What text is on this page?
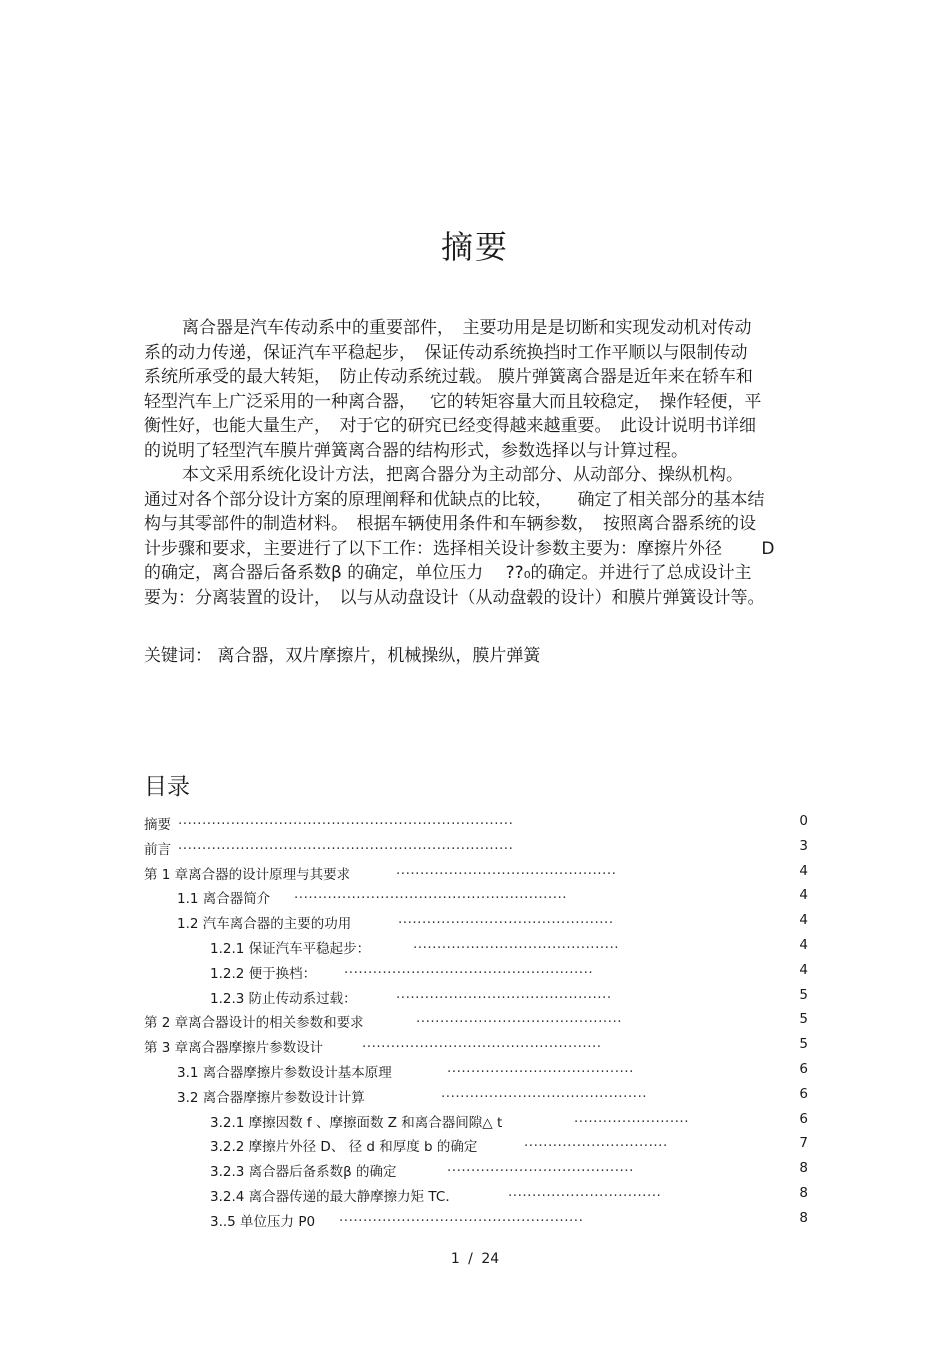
摘要
离合器是汽车传动系中的重要部件，　主要功用是是切断和实现发动机对传动
系的动力传递，保证汽车平稳起步，　保证传动系统换挡时工作平顺以与限制传动
系统所承受的最大转矩，　防止传动系统过载。 膜片弹簧离合器是近年来在轿车和
轻型汽车上广泛采用的一种离合器，　 它的转矩容量大而且较稳定，　操作轻便，平
衡性好，也能大量生产，　对于它的研究已经变得越来越重要。　此设计说明书详细
的说明了轻型汽车膜片弹簧离合器的结构形式，参数选择以与计算过程。
本文采用系统化设计方法，把离合器分为主动部分、从动部分、操纵机构。
通过对各个部分设计方案的原理阐释和优缺点的比较，　　确定了相关部分的基本结
构与其零部件的制造材料。　根据车辆使用条件和车辆参数，　按照离合器系统的设
计步骤和要求，主要进行了以下工作：选择相关设计参数主要为：摩擦片外径　　 D
的确定，离合器后备系数β 的确定，单位压力　 ??₀的确定。并进行了总成设计主
要为：分离装置的设计，　以与从动盘设计（从动盘毂的设计）和膜片弹簧设计等。
关键词： 离合器，双片摩擦片，机械操纵，膜片弹簧
目录
摘要 ......................................................................	0
前言 ......................................................................	3
第 1 章离合器的设计原理与其要求	..............................................	4
1.1 离合器简介 .........................................................	4
1.2 汽车离合器的主要的功用	.............................................	4
1.2.1 保证汽车平稳起步：	...........................................	4
1.2.2 便于换档： ....................................................	4
1.2.3 防止传动系过载：	.............................................	5
第 2 章离合器设计的相关参数和要求	...........................................	5
第 3 章离合器摩擦片参数设计	..................................................	5
3.1 离合器摩擦片参数设计基本原理	.......................................	6
3.2 离合器摩擦片参数设计计算	...........................................	6
3.2.1 摩擦因数 f 、摩擦面数 Z 和离合器间隙△ t	........................	6
3.2.2 摩擦片外径 D、 径 d 和厚度 b 的确定	..............................	7
3.2.3 离合器后备系数β 的确定	.......................................	8
3.2.4 离合器传递的最大静摩擦力矩 TC.	................................	8
3..5 单位压力 P0 ...................................................	8
1 / 24
